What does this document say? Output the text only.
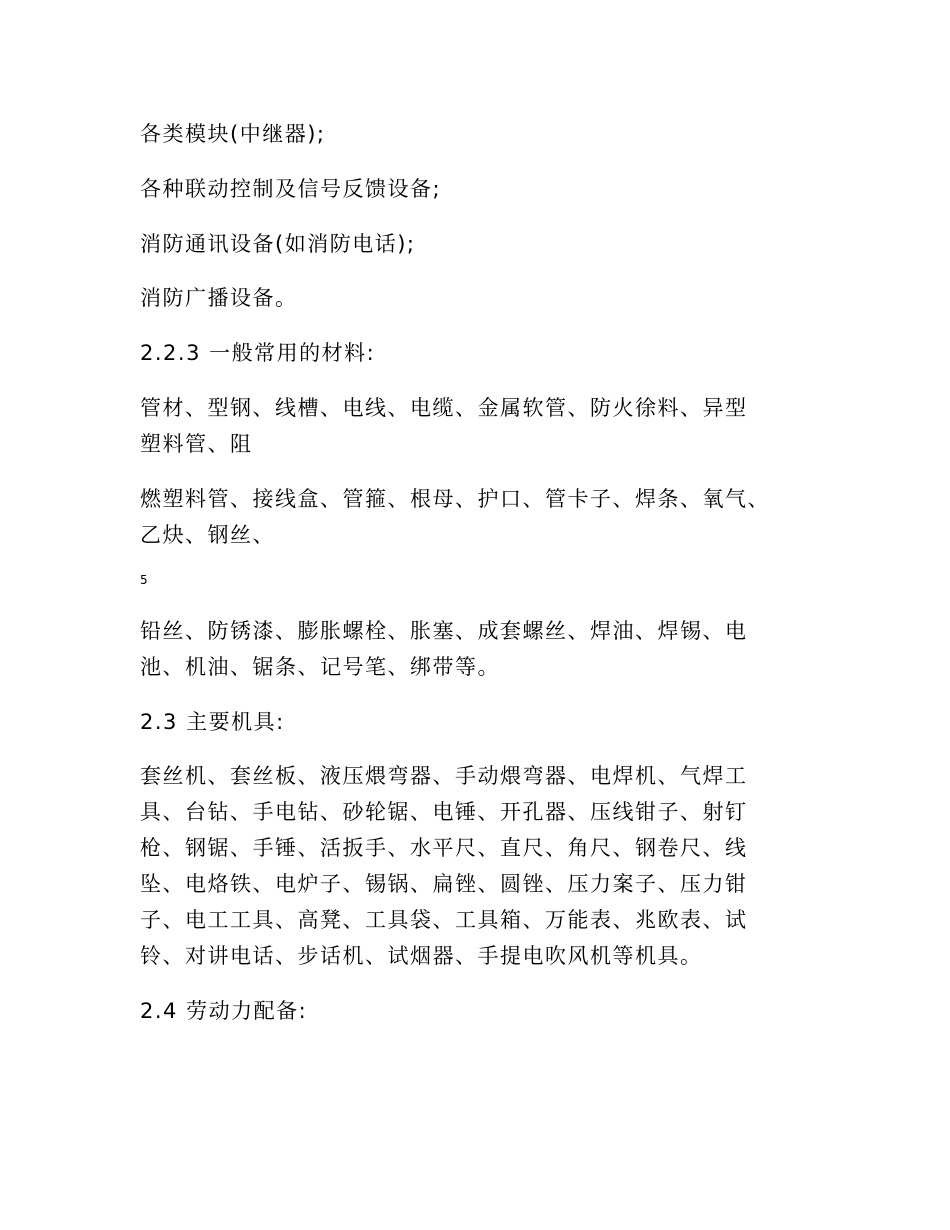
各类模块(中继器);
各种联动控制及信号反馈设备;
消防通讯设备(如消防电话);
消防广播设备。
2.2.3 一般常用的材料:
管材、型钢、线槽、电线、电缆、金属软管、防火徐料、异型
塑料管、阻
燃塑料管、接线盒、管箍、根母、护口、管卡子、焊条、氧气、
乙炔、钢丝、
5
铅丝、防锈漆、膨胀螺栓、胀塞、成套螺丝、焊油、焊锡、电
池、机油、锯条、记号笔、绑带等。
2.3 主要机具:
套丝机、套丝板、液压煨弯器、手动煨弯器、电焊机、气焊工
具、台钻、手电钻、砂轮锯、电锤、开孔器、压线钳子、射钉
枪、钢锯、手锤、活扳手、水平尺、直尺、角尺、钢卷尺、线
坠、电烙铁、电炉子、锡锅、扁锉、圆锉、压力案子、压力钳
子、电工工具、高凳、工具袋、工具箱、万能表、兆欧表、试
铃、对讲电话、步话机、试烟器、手提电吹风机等机具。
2.4 劳动力配备:
